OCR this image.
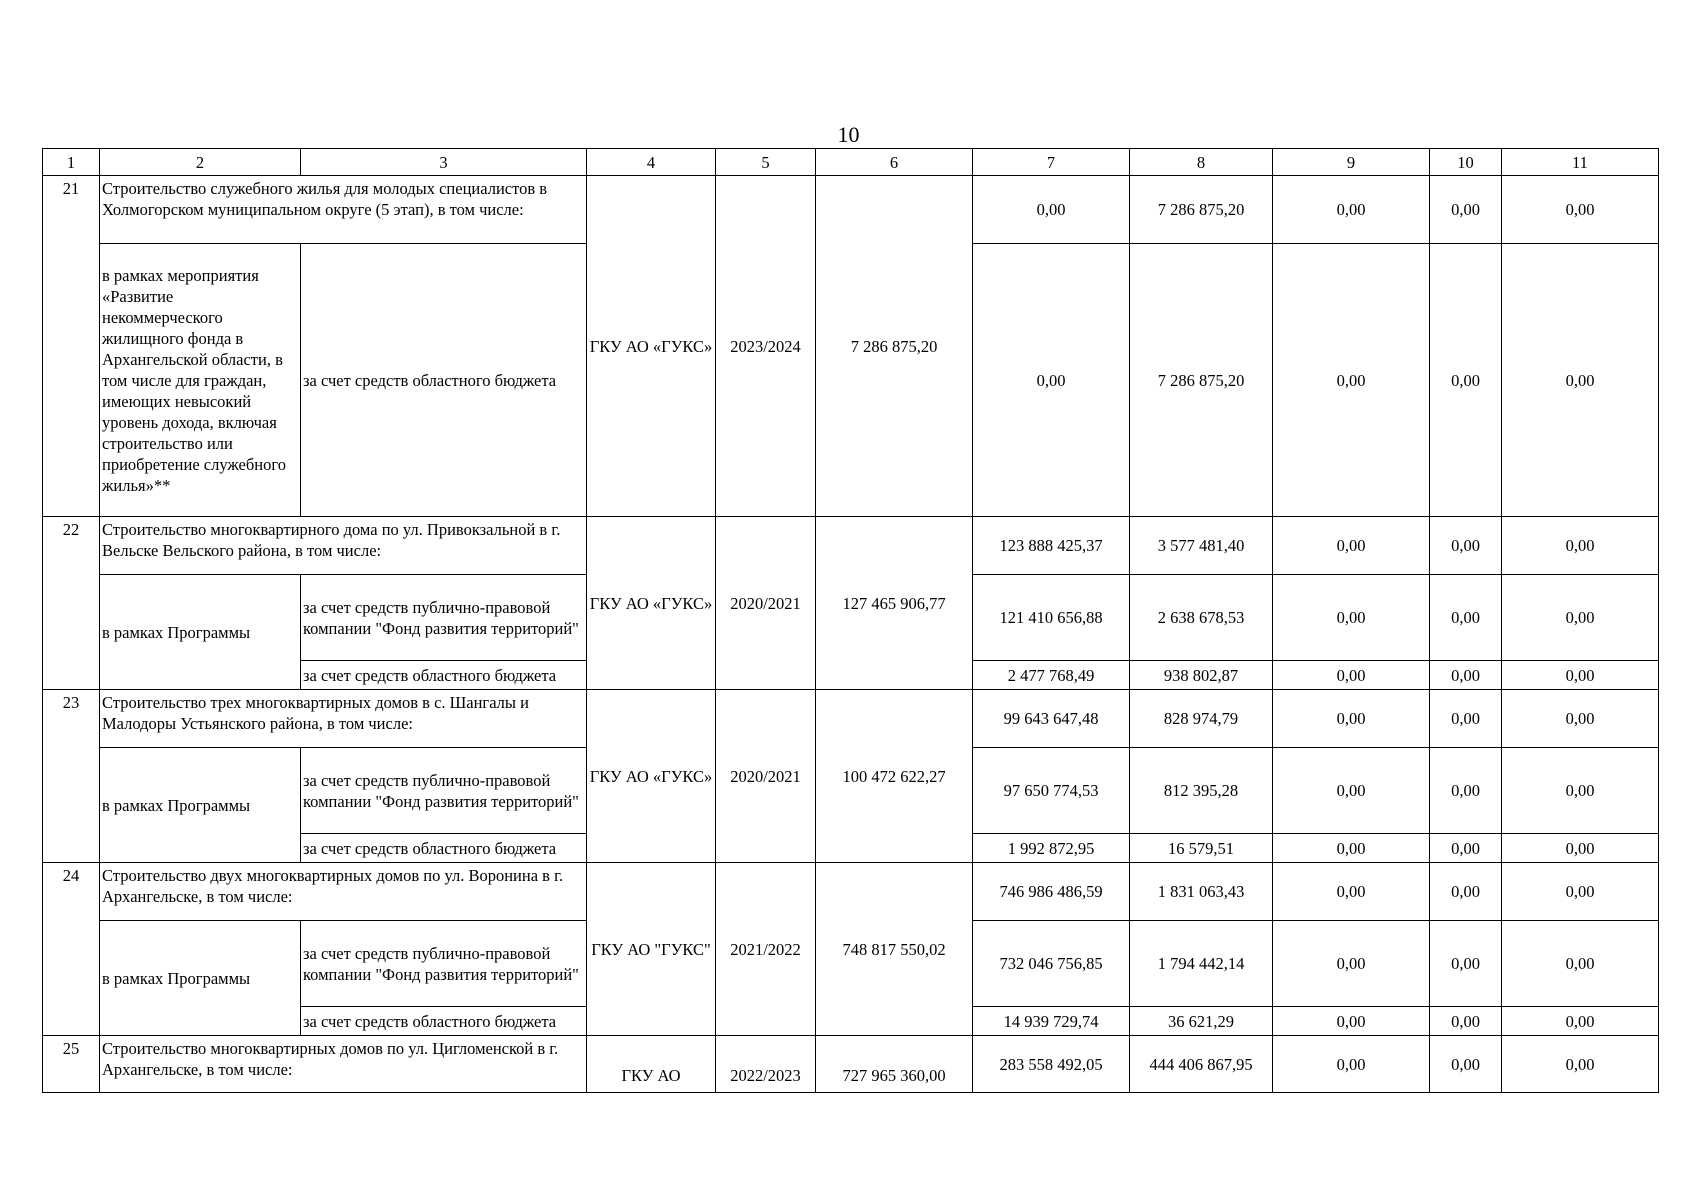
10
1	2	3	4	5	6	7	8	9	10	11
21	Строительство служебного жилья для молодых специалистов в Холмогорском муниципальном округе (5 этап), в том числе:		ГКУ АО «ГУКС»	2023/2024	7 286 875,20	0,00	7 286 875,20	0,00	0,00	0,00
	в рамках мероприятия «Развитие некоммерческого жилищного фонда в Архангельской области, в том числе для граждан, имеющих невысокий уровень дохода, включая строительство или приобретение служебного жилья»**	за счет средств областного бюджета				0,00	7 286 875,20	0,00	0,00	0,00
22	Строительство многоквартирного дома по ул. Привокзальной в г. Вельске Вельского района, в том числе:		ГКУ АО «ГУКС»	2020/2021	127 465 906,77	123 888 425,37	3 577 481,40	0,00	0,00	0,00
	в рамках Программы	за счет средств публично-правовой компании "Фонд развития территорий"				121 410 656,88	2 638 678,53	0,00	0,00	0,00
		за счет средств областного бюджета				2 477 768,49	938 802,87	0,00	0,00	0,00
23	Строительство трех многоквартирных домов в с. Шангалы и Малодоры Устьянского района, в том числе:		ГКУ АО «ГУКС»	2020/2021	100 472 622,27	99 643 647,48	828 974,79	0,00	0,00	0,00
	в рамках Программы	за счет средств публично-правовой компании "Фонд развития территорий"				97 650 774,53	812 395,28	0,00	0,00	0,00
		за счет средств областного бюджета				1 992 872,95	16 579,51	0,00	0,00	0,00
24	Строительство двух многоквартирных домов по ул. Воронина в г. Архангельске, в том числе:		ГКУ АО "ГУКС"	2021/2022	748 817 550,02	746 986 486,59	1 831 063,43	0,00	0,00	0,00
	в рамках Программы	за счет средств публично-правовой компании "Фонд развития территорий"				732 046 756,85	1 794 442,14	0,00	0,00	0,00
		за счет средств областного бюджета				14 939 729,74	36 621,29	0,00	0,00	0,00
25	Строительство многоквартирных домов по ул. Цигломенской в г. Архангельске, в том числе:		ГКУ АО	2022/2023	727 965 360,00	283 558 492,05	444 406 867,95	0,00	0,00	0,00
